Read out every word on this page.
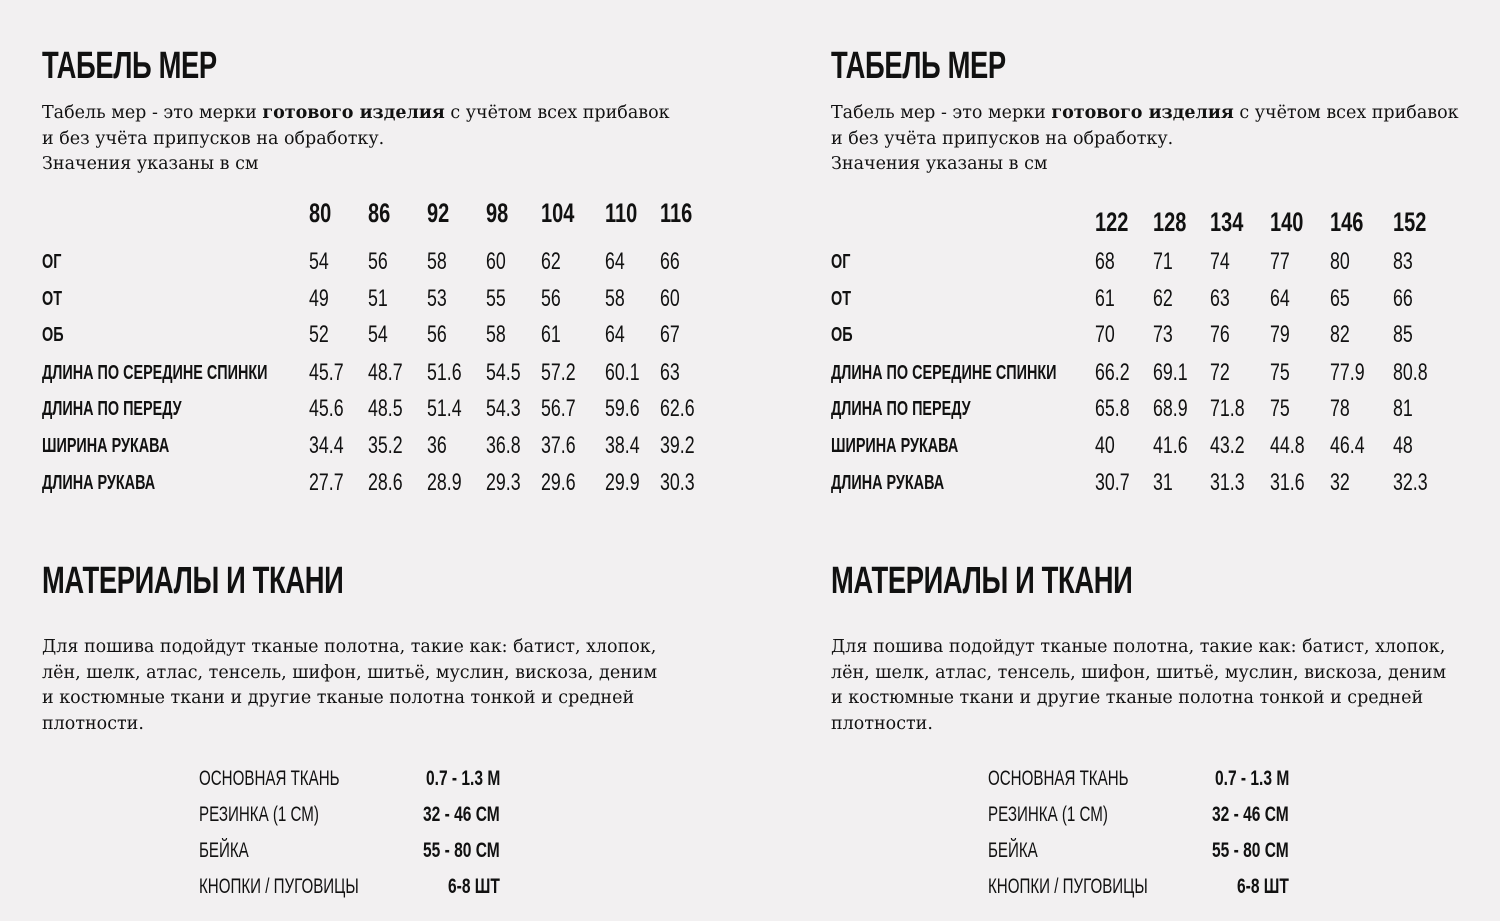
ТАБЕЛЬ МЕР
Табель мер - это мерки готового изделия с учётом всех прибавок
и без учёта припусков на обработку.
Значения указаны в см
80 86 92 98 104 110 116
ОГ	54 56 58 60 62 64 66
ОТ	49 51 53 55 56 58 60
ОБ	52 54 56 58 61 64 67
ДЛИНА ПО СЕРЕДИНЕ СПИНКИ 45.7 48.7 51.6 54.5 57.2 60.1 63
ДЛИНА ПО ПЕРЕДУ	45.6 48.5 51.4 54.3 56.7 59.6 62.6
ШИРИНА РУКАВА	34.4 35.2 36 36.8 37.6 38.4 39.2
ДЛИНА РУКАВА	27.7 28.6 28.9 29.3 29.6 29.9 30.3
МАТЕРИАЛЫ И ТКАНИ
Для пошива подойдут тканые полотна, такие как: батист, хлопок,
лён, шелк, атлас, тенсель, шифон, шитьё, муслин, вискоза, деним
и костюмные ткани и другие тканые полотна тонкой и средней
плотности.
ОСНОВНАЯ ТКАНЬ	0.7 - 1.3 М
РЕЗИНКА (1 СМ)	32 - 46 СМ
БЕЙКА	55 - 80 СМ
КНОПКИ / ПУГОВИЦЫ	6-8 ШТ
ТАБЕЛЬ МЕР
Табель мер - это мерки готового изделия с учётом всех прибавок
и без учёта припусков на обработку.
Значения указаны в см
122 128 134 140 146 152
ОГ	68 71 74 77 80 83
ОТ	61 62 63 64 65 66
ОБ	70 73 76 79 82 85
ДЛИНА ПО СЕРЕДИНЕ СПИНКИ 66.2 69.1 72 75 77.9 80.8
ДЛИНА ПО ПЕРЕДУ	65.8 68.9 71.8 75 78 81
ШИРИНА РУКАВА	40 41.6 43.2 44.8 46.4 48
ДЛИНА РУКАВА	30.7 31 31.3 31.6 32 32.3
МАТЕРИАЛЫ И ТКАНИ
Для пошива подойдут тканые полотна, такие как: батист, хлопок,
лён, шелк, атлас, тенсель, шифон, шитьё, муслин, вискоза, деним
и костюмные ткани и другие тканые полотна тонкой и средней
плотности.
ОСНОВНАЯ ТКАНЬ	0.7 - 1.3 М
РЕЗИНКА (1 СМ)	32 - 46 СМ
БЕЙКА	55 - 80 СМ
КНОПКИ / ПУГОВИЦЫ	6-8 ШТ
